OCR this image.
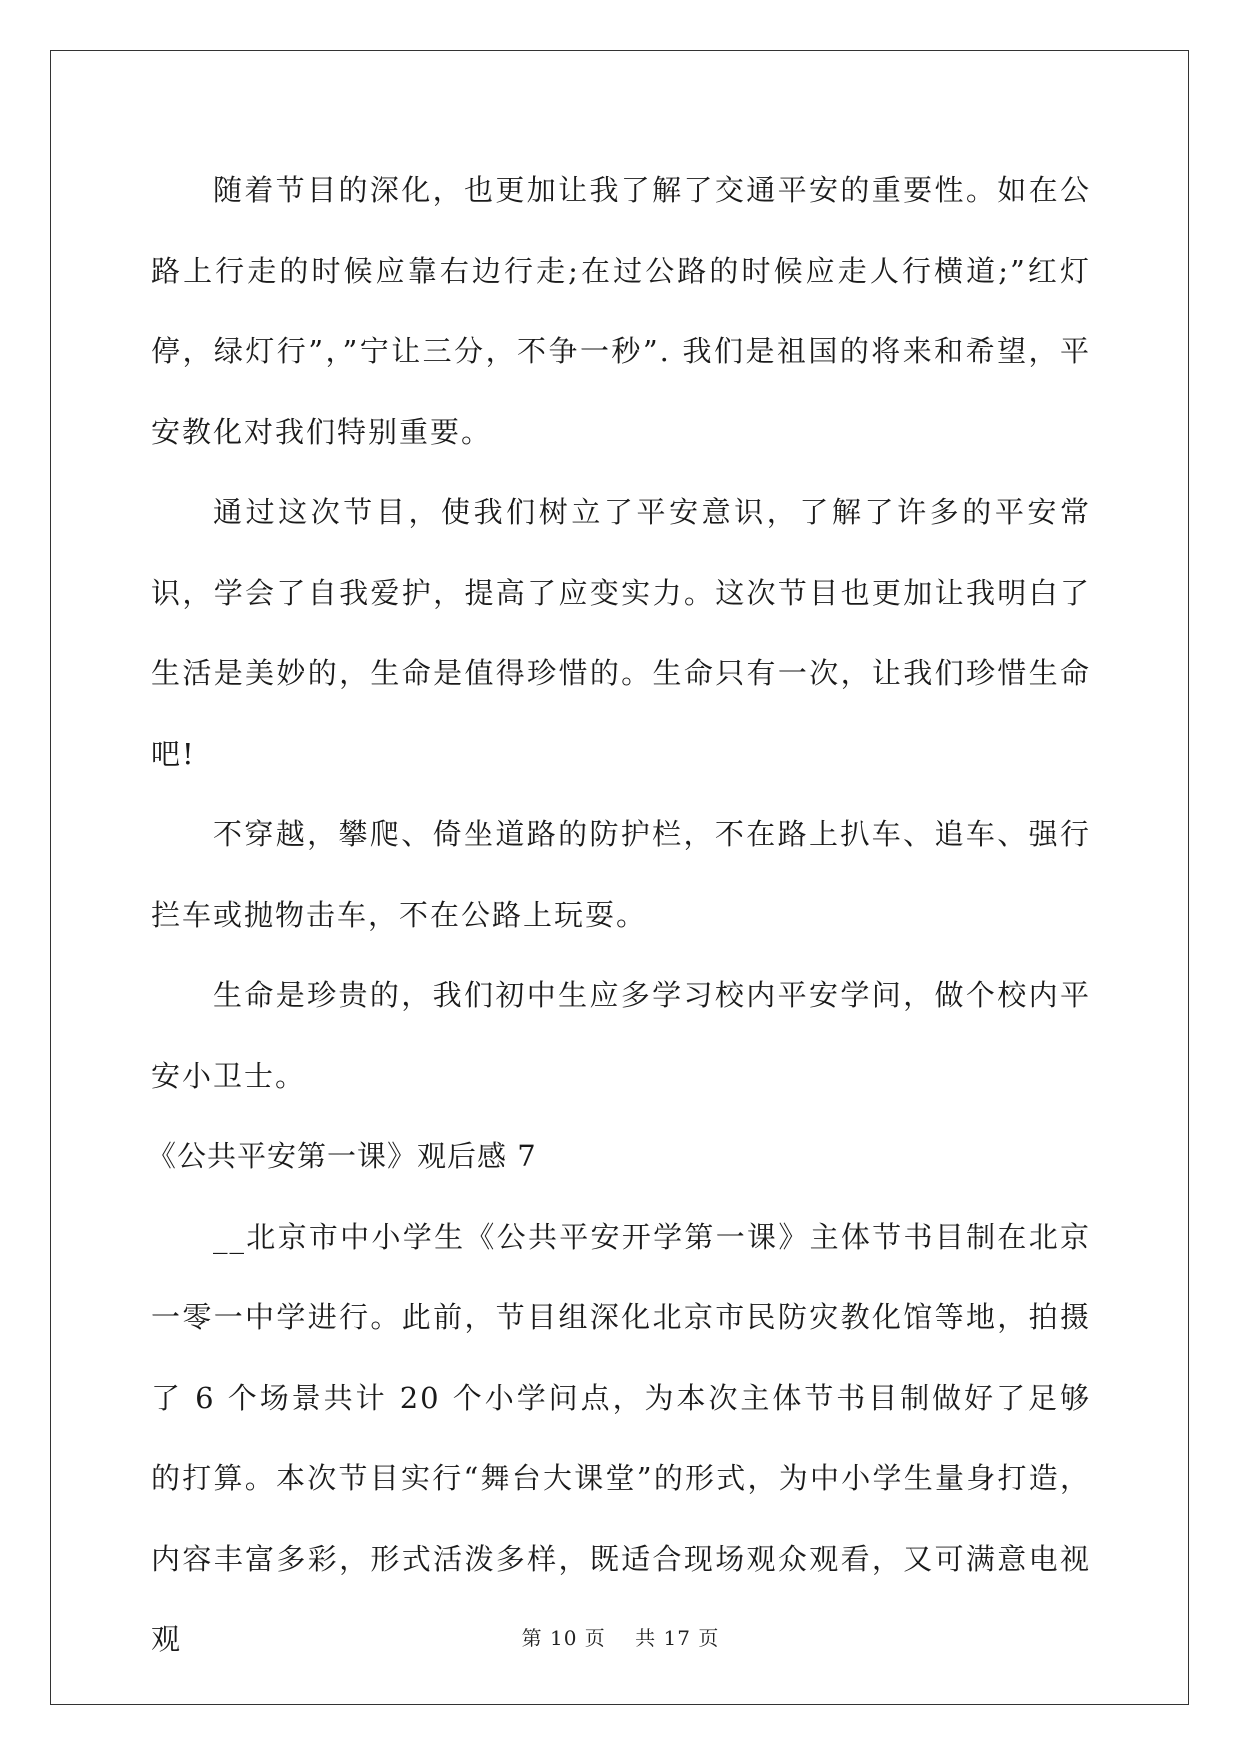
随着节目的深化，也更加让我了解了交通平安的重要性。如在公路上行走的时候应靠右边行走;在过公路的时候应走人行横道;”红灯停，绿灯行”，”宁让三分，不争一秒”. 我们是祖国的将来和希望，平安教化对我们特别重要。

通过这次节目，使我们树立了平安意识，了解了许多的平安常识，学会了自我爱护，提高了应变实力。这次节目也更加让我明白了生活是美妙的，生命是值得珍惜的。生命只有一次，让我们珍惜生命吧!

不穿越，攀爬、倚坐道路的防护栏，不在路上扒车、追车、强行拦车或抛物击车，不在公路上玩耍。

生命是珍贵的，我们初中生应多学习校内平安学问，做个校内平安小卫士。

《公共平安第一课》观后感 7

__北京市中小学生《公共平安开学第一课》主体节书目制在北京一零一中学进行。此前，节目组深化北京市民防灾教化馆等地，拍摄了 6 个场景共计 20 个小学问点，为本次主体节书目制做好了足够的打算。本次节目实行“舞台大课堂”的形式，为中小学生量身打造，内容丰富多彩，形式活泼多样，既适合现场观众观看，又可满意电视观	第 10 页 共 17 页
